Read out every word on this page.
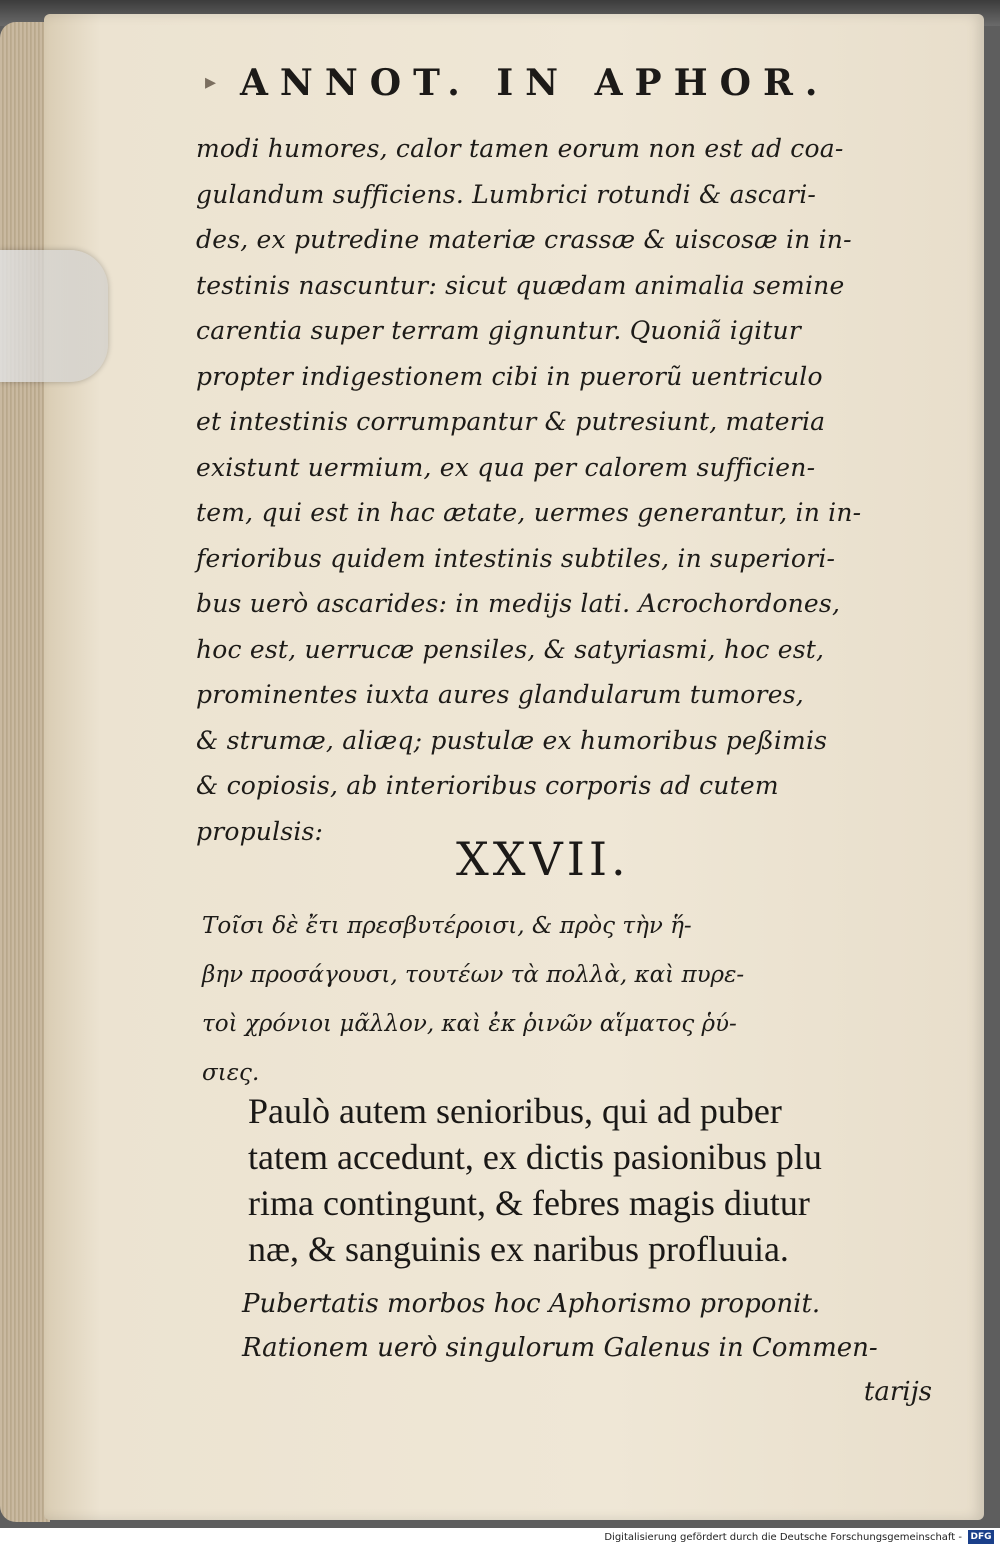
▸ ANNOT. IN APHOR.
modi humores, calor tamen eorum non est ad coa-
gulandum sufficiens. Lumbrici rotundi & ascari-
des, ex putredine materiæ crassæ & uiscosæ in in-
testinis nascuntur: sicut quædam animalia semine
carentia super terram gignuntur. Quoniã igitur
propter indigestionem cibi in puerorũ uentriculo
et intestinis corrumpantur & putresiunt, materia
existunt uermium, ex qua per calorem sufficien-
tem, qui est in hac ætate, uermes generantur, in in-
ferioribus quidem intestinis subtiles, in superiori-
bus uerò ascarides: in medijs lati. Acrochordones,
hoc est, uerrucæ pensiles, & satyriasmi, hoc est,
prominentes iuxta aures glandularum tumores,
& strumæ, aliæq; pustulæ ex humoribus peßimis
& copiosis, ab interioribus corporis ad cutem
propulsis:
XXVII.
Τοῖσι δὲ ἔτι πρεσβυτέροισι, & πρὸς τὴν ἥ-
βην προσάγουσι, τουτέων τὰ πολλὰ, καὶ πυρε-
τοὶ χρόνιοι μᾶλλον, καὶ ἐκ ῥινῶν αἵματος ῥύ-
σιες.
Paulò autem senioribus, qui ad puber
tatem accedunt, ex dictis pasionibus plu
rima contingunt, & febres magis diutur
næ, & sanguinis ex naribus profluuia.
Pubertatis morbos hoc Aphorismo proponit.
Rationem uerò singulorum Galenus in Commen-
tarijs
Digitalisierung gefördert durch die Deutsche Forschungsgemeinschaft - DFG
